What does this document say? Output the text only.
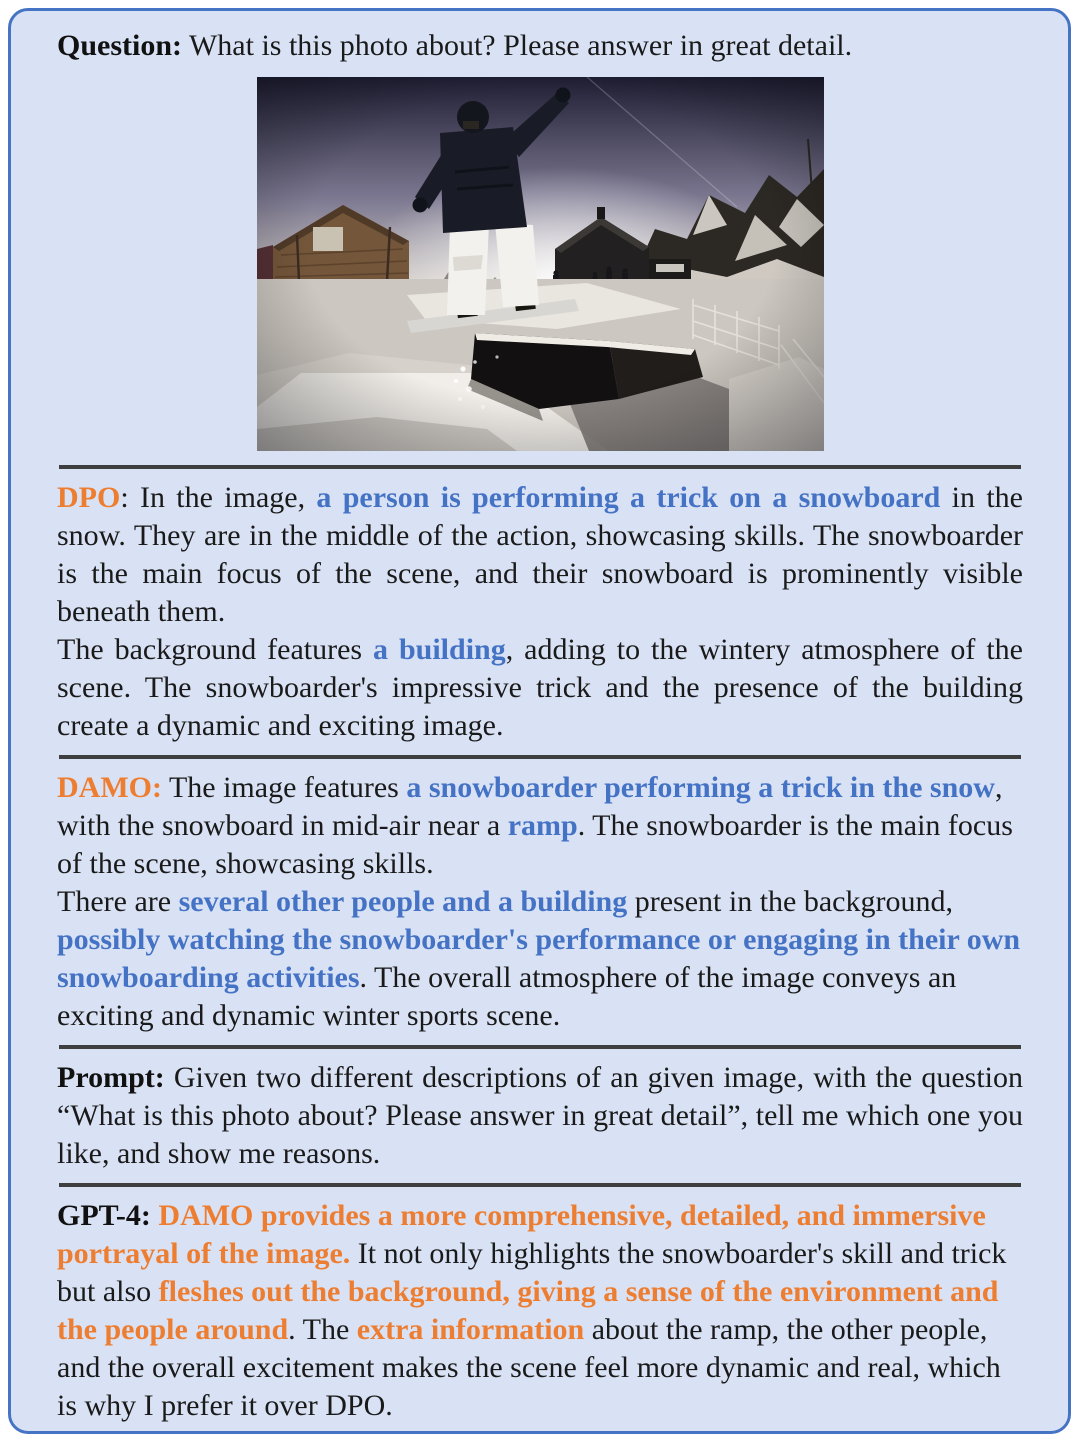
Question: What is this photo about? Please answer in great detail.
DPO: In the image, a person is performing a trick on a snowboard in the snow. They are in the middle of the action, showcasing skills. The snowboarder is the main focus of the scene, and their snowboard is prominently visible beneath them.
The background features a building, adding to the wintery atmosphere of the scene. The snowboarder's impressive trick and the presence of the building create a dynamic and exciting image.
DAMO: The image features a snowboarder performing a trick in the snow, with the snowboard in mid-air near a ramp. The snowboarder is the main focus of the scene, showcasing skills.
There are several other people and a building present in the background, possibly watching the snowboarder's performance or engaging in their own snowboarding activities. The overall atmosphere of the image conveys an exciting and dynamic winter sports scene.
Prompt: Given two different descriptions of an given image, with the question “What is this photo about? Please answer in great detail”, tell me which one you like, and show me reasons.
GPT-4: DAMO provides a more comprehensive, detailed, and immersive portrayal of the image. It not only highlights the snowboarder's skill and trick but also fleshes out the background, giving a sense of the environment and the people around. The extra information about the ramp, the other people, and the overall excitement makes the scene feel more dynamic and real, which is why I prefer it over DPO.
